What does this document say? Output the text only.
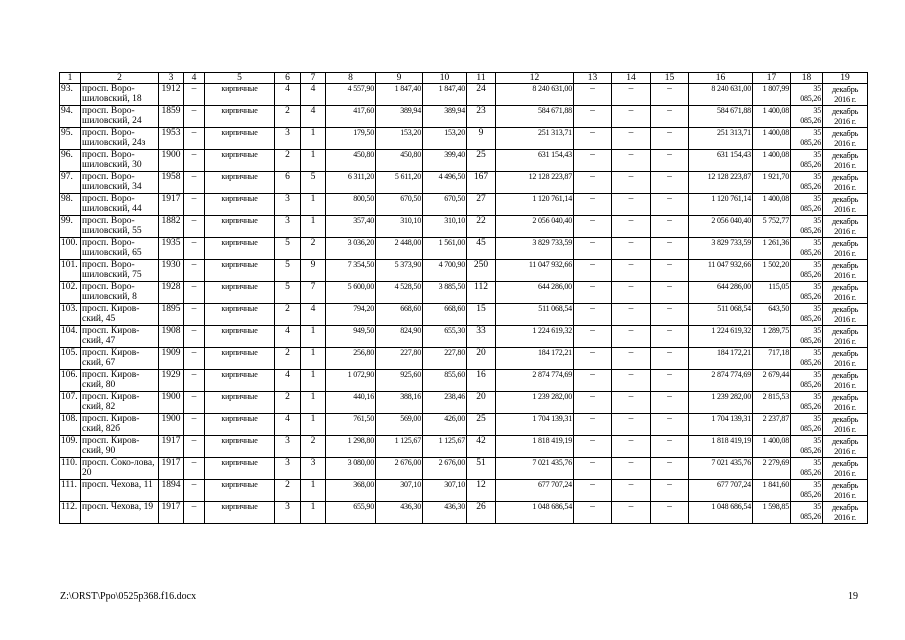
1	2	3	4	5	6	7	8	9	10	11	12	13	14	15	16	17	18	19
93.	просп. Воро-шиловский, 18	1912	–	кирпичные	4	4	4 557,90	1 847,40	1 847,40	24	8 240 631,00	–	–	–	8 240 631,00	1 807,99	35 085,26	декабрь 2016 г.
94.	просп. Воро-шиловский, 24	1859	–	кирпичные	2	4	417,60	389,94	389,94	23	584 671,88	–	–	–	584 671,88	1 400,08	35 085,26	декабрь 2016 г.
95.	просп. Воро-шиловский, 24з	1953	–	кирпичные	3	1	179,50	153,20	153,20	9	251 313,71	–	–	–	251 313,71	1 400,08	35 085,26	декабрь 2016 г.
96.	просп. Воро-шиловский, 30	1900	–	кирпичные	2	1	450,80	450,80	399,40	25	631 154,43	–	–	–	631 154,43	1 400,08	35 085,26	декабрь 2016 г.
97.	просп. Воро-шиловский, 34	1958	–	кирпичные	6	5	6 311,20	5 611,20	4 496,50	167	12 128 223,87	–	–	–	12 128 223,87	1 921,70	35 085,26	декабрь 2016 г.
98.	просп. Воро-шиловский, 44	1917	–	кирпичные	3	1	800,50	670,50	670,50	27	1 120 761,14	–	–	–	1 120 761,14	1 400,08	35 085,26	декабрь 2016 г.
99.	просп. Воро-шиловский, 55	1882	–	кирпичные	3	1	357,40	310,10	310,10	22	2 056 040,40	–	–	–	2 056 040,40	5 752,77	35 085,26	декабрь 2016 г.
100.	просп. Воро-шиловский, 65	1935	–	кирпичные	5	2	3 036,20	2 448,00	1 561,00	45	3 829 733,59	–	–	–	3 829 733,59	1 261,36	35 085,26	декабрь 2016 г.
101.	просп. Воро-шиловский, 75	1930	–	кирпичные	5	9	7 354,50	5 373,90	4 700,90	250	11 047 932,66	–	–	–	11 047 932,66	1 502,20	35 085,26	декабрь 2016 г.
102.	просп. Воро-шиловский, 8	1928	–	кирпичные	5	7	5 600,00	4 528,50	3 885,50	112	644 286,00	–	–	–	644 286,00	115,05	35 085,26	декабрь 2016 г.
103.	просп. Киров-ский, 45	1895	–	кирпичные	2	4	794,20	668,60	668,60	15	511 068,54	–	–	–	511 068,54	643,50	35 085,26	декабрь 2016 г.
104.	просп. Киров-ский, 47	1908	–	кирпичные	4	1	949,50	824,90	655,30	33	1 224 619,32	–	–	–	1 224 619,32	1 289,75	35 085,26	декабрь 2016 г.
105.	просп. Киров-ский, 67	1909	–	кирпичные	2	1	256,80	227,80	227,80	20	184 172,21	–	–	–	184 172,21	717,18	35 085,26	декабрь 2016 г.
106.	просп. Киров-ский, 80	1929	–	кирпичные	4	1	1 072,90	925,60	855,60	16	2 874 774,69	–	–	–	2 874 774,69	2 679,44	35 085,26	декабрь 2016 г.
107.	просп. Киров-ский, 82	1900	–	кирпичные	2	1	440,16	388,16	238,46	20	1 239 282,00	–	–	–	1 239 282,00	2 815,53	35 085,26	декабрь 2016 г.
108.	просп. Киров-ский, 82б	1900	–	кирпичные	4	1	761,50	569,00	426,00	25	1 704 139,31	–	–	–	1 704 139,31	2 237,87	35 085,26	декабрь 2016 г.
109.	просп. Киров-ский, 90	1917	–	кирпичные	3	2	1 298,80	1 125,67	1 125,67	42	1 818 419,19	–	–	–	1 818 419,19	1 400,08	35 085,26	декабрь 2016 г.
110.	просп. Соко-лова, 20	1917	–	кирпичные	3	3	3 080,00	2 676,00	2 676,00	51	7 021 435,76	–	–	–	7 021 435,76	2 279,69	35 085,26	декабрь 2016 г.
111.	просп. Чехова, 11	1894	–	кирпичные	2	1	368,00	307,10	307,10	12	677 707,24	–	–	–	677 707,24	1 841,60	35 085,26	декабрь 2016 г.
112.	просп. Чехова, 19	1917	–	кирпичные	3	1	655,90	436,30	436,30	26	1 048 686,54	–	–	–	1 048 686,54	1 598,85	35 085,26	декабрь 2016 г.
Z:\ORST\Ppo\0525p368.f16.docx	19
